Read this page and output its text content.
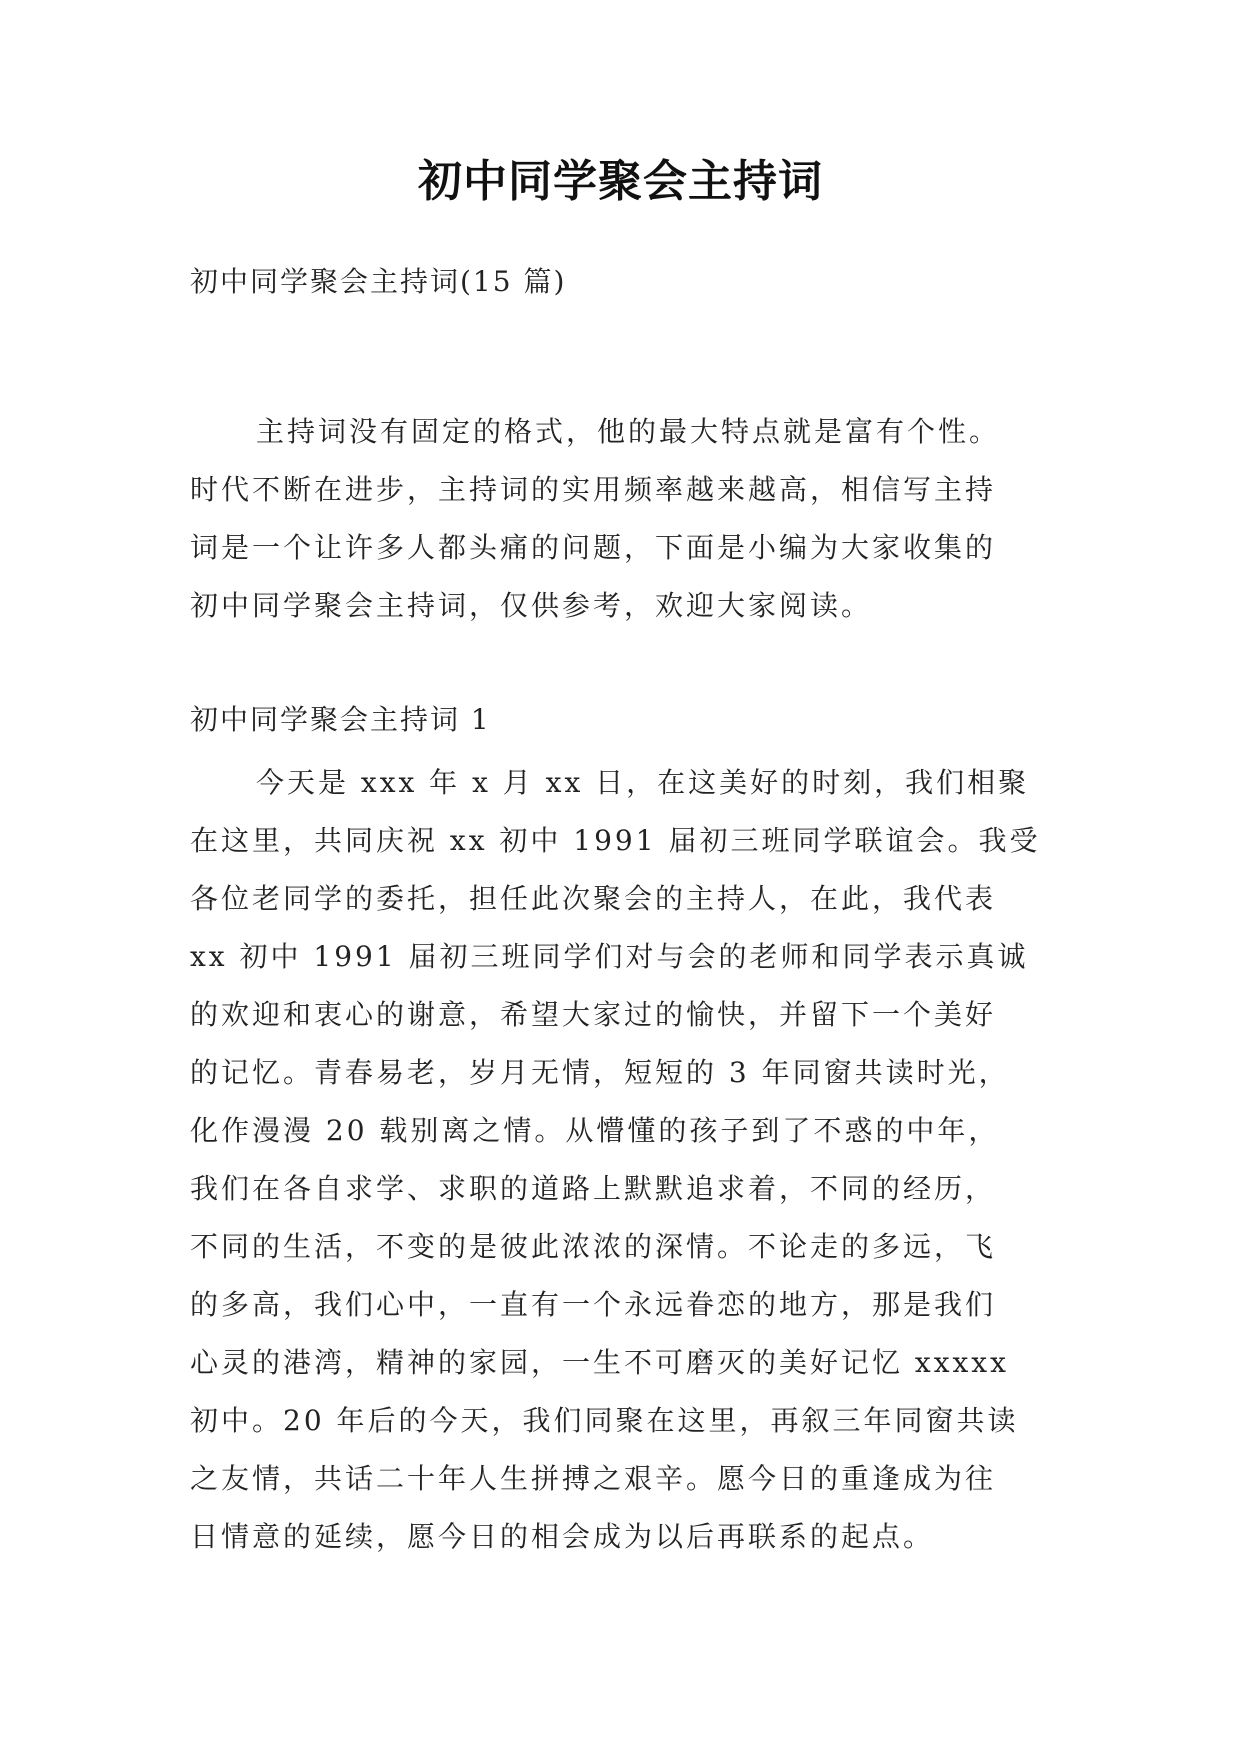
初中同学聚会主持词
初中同学聚会主持词(15 篇)
主持词没有固定的格式，他的最大特点就是富有个性。
时代不断在进步，主持词的实用频率越来越高，相信写主持
词是一个让许多人都头痛的问题，下面是小编为大家收集的
初中同学聚会主持词，仅供参考，欢迎大家阅读。
初中同学聚会主持词 1
今天是 xxx 年 x 月 xx 日，在这美好的时刻，我们相聚
在这里，共同庆祝 xx 初中 1991 届初三班同学联谊会。我受
各位老同学的委托，担任此次聚会的主持人，在此，我代表
xx 初中 1991 届初三班同学们对与会的老师和同学表示真诚
的欢迎和衷心的谢意，希望大家过的愉快，并留下一个美好
的记忆。青春易老，岁月无情，短短的 3 年同窗共读时光，
化作漫漫 20 载别离之情。从懵懂的孩子到了不惑的中年，
我们在各自求学、求职的道路上默默追求着，不同的经历，
不同的生活，不变的是彼此浓浓的深情。不论走的多远，飞
的多高，我们心中，一直有一个永远眷恋的地方，那是我们
心灵的港湾，精神的家园，一生不可磨灭的美好记忆 xxxxx
初中。20 年后的今天，我们同聚在这里，再叙三年同窗共读
之友情，共话二十年人生拼搏之艰辛。愿今日的重逢成为往
日情意的延续，愿今日的相会成为以后再联系的起点。
